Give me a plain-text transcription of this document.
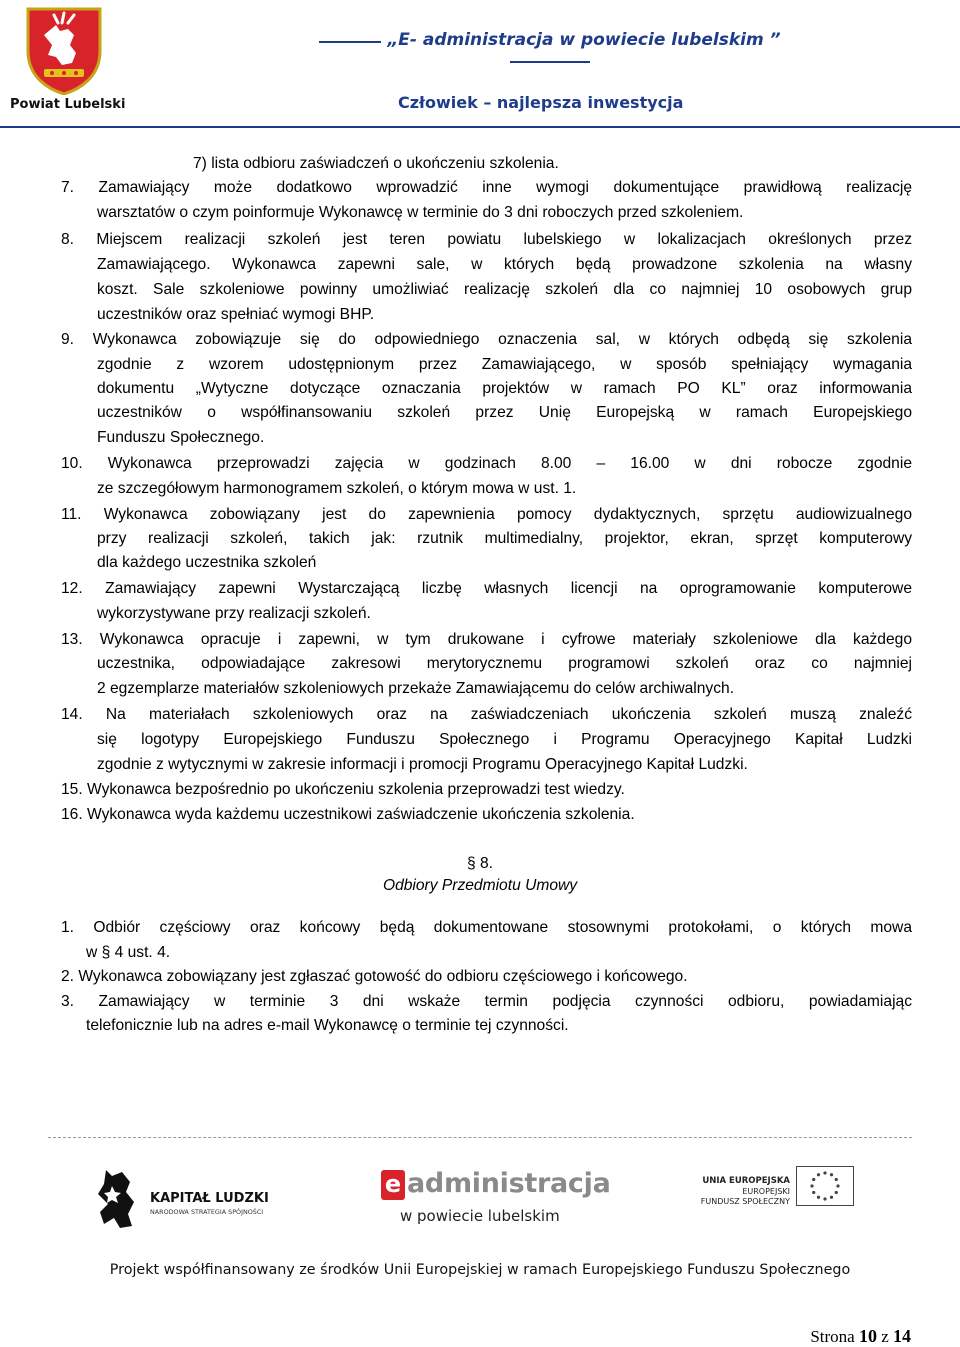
Powiat Lubelski
„E- administracja w powiecie lubelskim ”
Człowiek – najlepsza inwestycja
7) lista odbioru zaświadczeń o ukończeniu szkolenia.
7. Zamawiający może dodatkowo wprowadzić inne wymogi dokumentujące prawidłową realizację
warsztatów o czym poinformuje Wykonawcę w terminie do 3 dni roboczych przed szkoleniem.
8. Miejscem realizacji szkoleń jest teren powiatu lubelskiego w lokalizacjach określonych przez
Zamawiającego. Wykonawca zapewni sale, w których będą prowadzone szkolenia na własny
koszt. Sale szkoleniowe powinny umożliwiać realizację szkoleń dla co najmniej 10 osobowych grup
uczestników oraz spełniać wymogi BHP.
9. Wykonawca zobowiązuje się do odpowiedniego oznaczenia sal, w których odbędą się szkolenia
zgodnie z wzorem udostępnionym przez Zamawiającego, w sposób spełniający wymagania
dokumentu „Wytyczne dotyczące oznaczania projektów w ramach PO KL” oraz informowania
uczestników o współfinansowaniu szkoleń przez Unię Europejską w ramach Europejskiego
Funduszu Społecznego.
10. Wykonawca przeprowadzi zajęcia w godzinach 8.00 – 16.00 w dni robocze zgodnie
ze szczegółowym harmonogramem szkoleń, o którym mowa w ust. 1.
11. Wykonawca zobowiązany jest do zapewnienia pomocy dydaktycznych, sprzętu audiowizualnego
przy realizacji szkoleń, takich jak: rzutnik multimedialny, projektor, ekran, sprzęt komputerowy
dla każdego uczestnika szkoleń
12. Zamawiający zapewni Wystarczającą liczbę własnych licencji na oprogramowanie komputerowe
wykorzystywane przy realizacji szkoleń.
13. Wykonawca opracuje i zapewni, w tym drukowane i cyfrowe materiały szkoleniowe dla każdego
uczestnika, odpowiadające zakresowi merytorycznemu programowi szkoleń oraz co najmniej
2 egzemplarze materiałów szkoleniowych przekaże Zamawiającemu do celów archiwalnych.
14. Na materiałach szkoleniowych oraz na zaświadczeniach ukończenia szkoleń muszą znaleźć
się logotypy Europejskiego Funduszu Społecznego i Programu Operacyjnego Kapitał Ludzki
zgodnie z wytycznymi w zakresie informacji i promocji Programu Operacyjnego Kapitał Ludzki.
15. Wykonawca bezpośrednio po ukończeniu szkolenia przeprowadzi test wiedzy.
16. Wykonawca wyda każdemu uczestnikowi zaświadczenie ukończenia szkolenia.
§ 8.
Odbiory Przedmiotu Umowy
1. Odbiór częściowy oraz końcowy będą dokumentowane stosownymi protokołami, o których mowa
w § 4 ust. 4.
2. Wykonawca zobowiązany jest zgłaszać gotowość do odbioru częściowego i końcowego.
3. Zamawiający w terminie 3 dni wskaże termin podjęcia czynności odbioru, powiadamiając
telefonicznie lub na adres e-mail Wykonawcę o terminie tej czynności.
KAPITAŁ LUDZKI
NARODOWA STRATEGIA SPÓJNOŚCI
e administracja
w powiecie lubelskim
UNIA EUROPEJSKA
EUROPEJSKI
FUNDUSZ SPOŁECZNY
Projekt współfinansowany ze środków Unii Europejskiej w ramach Europejskiego Funduszu Społecznego
Strona 10 z 14
